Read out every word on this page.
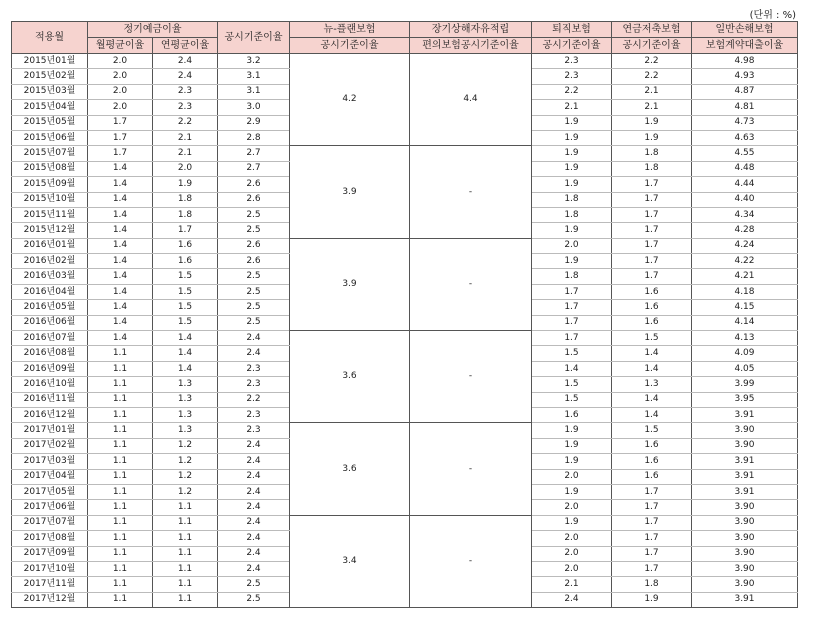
(단위 : %)
적용월	정기예금이율		공시기준이율	뉴-플랜보험	장기상해자유적립	퇴직보험	연금저축보험	일반손해보험
	월평균이율	연평균이율		공시기준이율	편의보험공시기준이율	공시기준이율	공시기준이율	보험계약대출이율
2015년01월	2.0	2.4	3.2	4.2	4.4	2.3	2.2	4.98
2015년02월	2.0	2.4	3.1			2.3	2.2	4.93
2015년03월	2.0	2.3	3.1			2.2	2.1	4.87
2015년04월	2.0	2.3	3.0			2.1	2.1	4.81
2015년05월	1.7	2.2	2.9			1.9	1.9	4.73
2015년06월	1.7	2.1	2.8			1.9	1.9	4.63
2015년07월	1.7	2.1	2.7	3.9	-	1.9	1.8	4.55
2015년08월	1.4	2.0	2.7			1.9	1.8	4.48
2015년09월	1.4	1.9	2.6			1.9	1.7	4.44
2015년10월	1.4	1.8	2.6			1.8	1.7	4.40
2015년11월	1.4	1.8	2.5			1.8	1.7	4.34
2015년12월	1.4	1.7	2.5			1.9	1.7	4.28
2016년01월	1.4	1.6	2.6	3.9	-	2.0	1.7	4.24
2016년02월	1.4	1.6	2.6			1.9	1.7	4.22
2016년03월	1.4	1.5	2.5			1.8	1.7	4.21
2016년04월	1.4	1.5	2.5			1.7	1.6	4.18
2016년05월	1.4	1.5	2.5			1.7	1.6	4.15
2016년06월	1.4	1.5	2.5			1.7	1.6	4.14
2016년07월	1.4	1.4	2.4	3.6	-	1.7	1.5	4.13
2016년08월	1.1	1.4	2.4			1.5	1.4	4.09
2016년09월	1.1	1.4	2.3			1.4	1.4	4.05
2016년10월	1.1	1.3	2.3			1.5	1.3	3.99
2016년11월	1.1	1.3	2.2			1.5	1.4	3.95
2016년12월	1.1	1.3	2.3			1.6	1.4	3.91
2017년01월	1.1	1.3	2.3	3.6	-	1.9	1.5	3.90
2017년02월	1.1	1.2	2.4			1.9	1.6	3.90
2017년03월	1.1	1.2	2.4			1.9	1.6	3.91
2017년04월	1.1	1.2	2.4			2.0	1.6	3.91
2017년05월	1.1	1.2	2.4			1.9	1.7	3.91
2017년06월	1.1	1.1	2.4			2.0	1.7	3.90
2017년07월	1.1	1.1	2.4	3.4	-	1.9	1.7	3.90
2017년08월	1.1	1.1	2.4			2.0	1.7	3.90
2017년09월	1.1	1.1	2.4			2.0	1.7	3.90
2017년10월	1.1	1.1	2.4			2.0	1.7	3.90
2017년11월	1.1	1.1	2.5			2.1	1.8	3.90
2017년12월	1.1	1.1	2.5			2.4	1.9	3.91
